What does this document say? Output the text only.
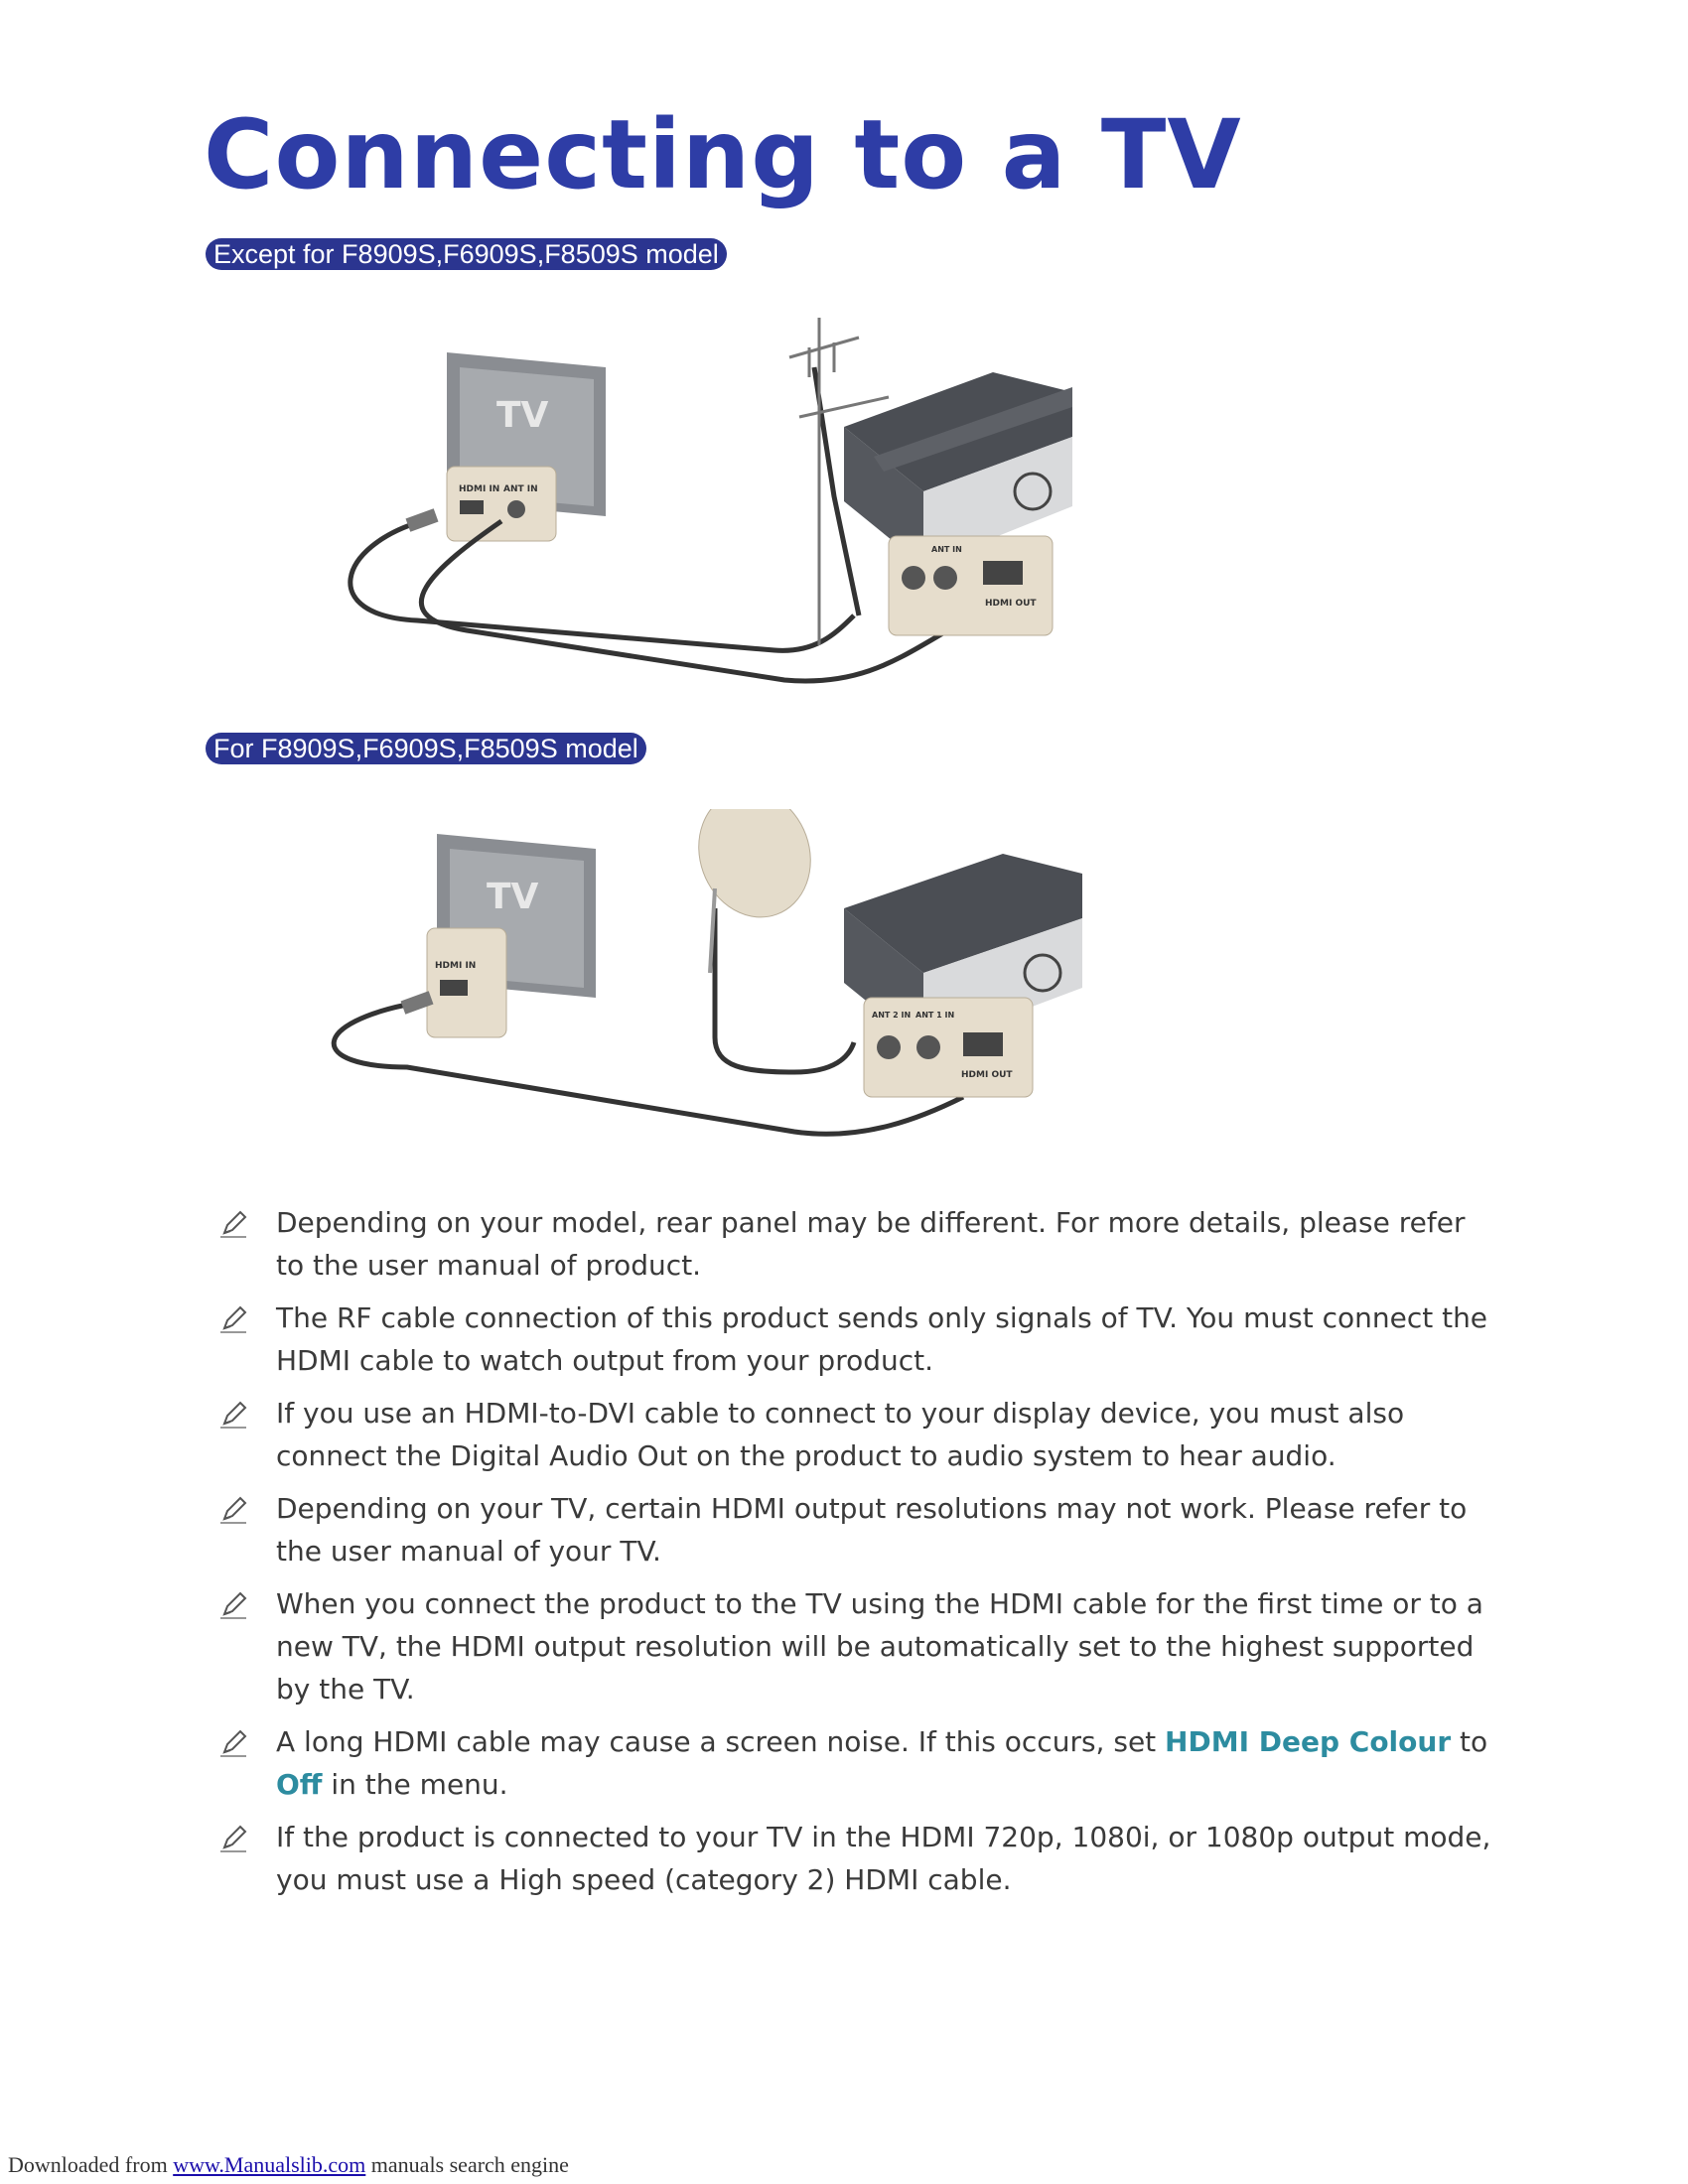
Connecting to a TV
Except for F8909S,F6909S,F8509S model
TV
HDMI IN ANT IN
ANT IN
HDMI OUT
For F8909S,F6909S,F8509S model
TV
HDMI IN
ANT 2 IN ANT 1 IN
HDMI OUT
Depending on your model, rear panel may be different. For more details, please refer to the user manual of product.
The RF cable connection of this product sends only signals of TV. You must connect the HDMI cable to watch output from your product.
If you use an HDMI-to-DVI cable to connect to your display device, you must also connect the Digital Audio Out on the product to audio system to hear audio.
Depending on your TV, certain HDMI output resolutions may not work. Please refer to the user manual of your TV.
When you connect the product to the TV using the HDMI cable for the first time or to a new TV, the HDMI output resolution will be automatically set to the highest supported by the TV.
A long HDMI cable may cause a screen noise. If this occurs, set HDMI Deep Colour to Off in the menu.
If the product is connected to your TV in the HDMI 720p, 1080i, or 1080p output mode, you must use a High speed (category 2) HDMI cable.
Downloaded from www.Manualslib.com manuals search engine
